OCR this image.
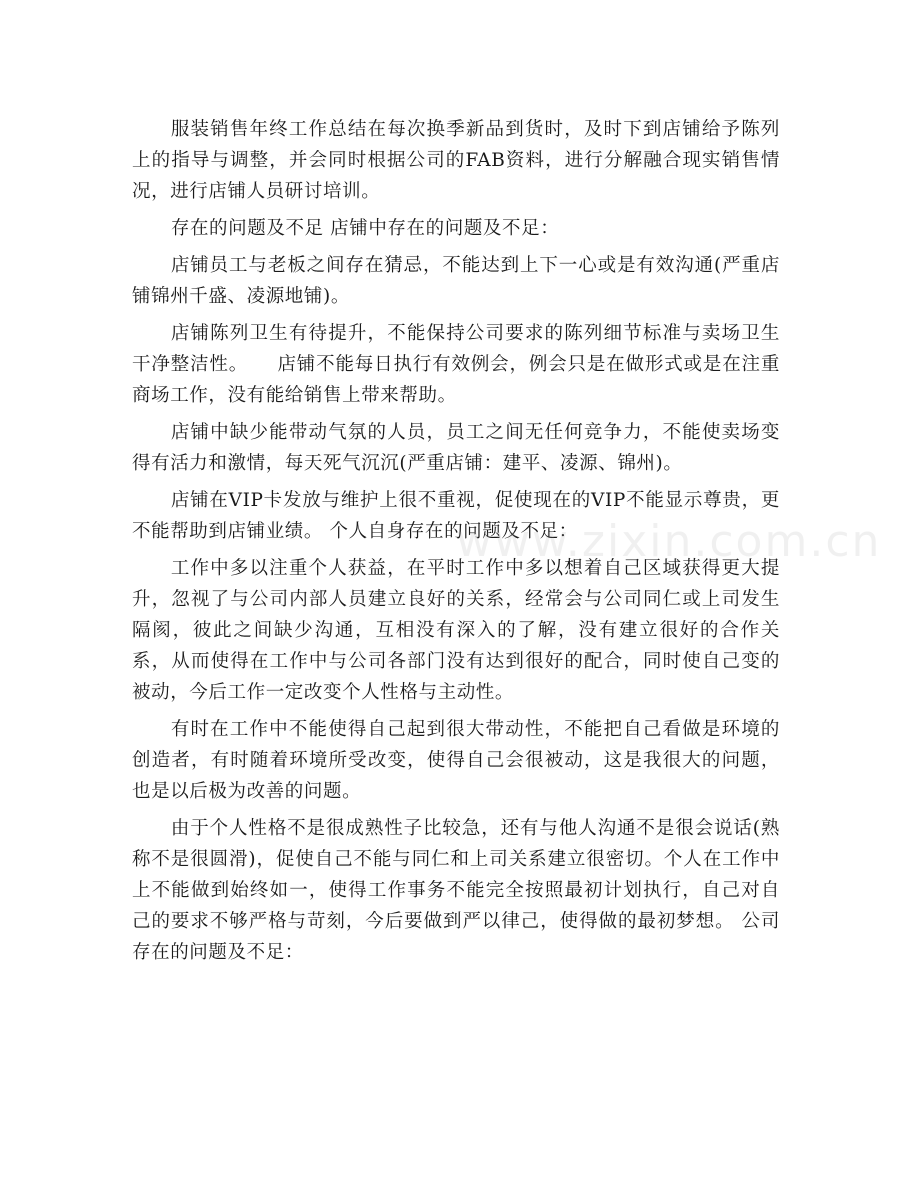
服装销售年终工作总结在每次换季新品到货时，及时下到店铺给予陈列上的指导与调整，并会同时根据公司的FAB资料，进行分解融合现实销售情况，进行店铺人员研讨培训。

存在的问题及不足 店铺中存在的问题及不足：

店铺员工与老板之间存在猜忌，不能达到上下一心或是有效沟通(严重店铺锦州千盛、凌源地铺)。

店铺陈列卫生有待提升，不能保持公司要求的陈列细节标准与卖场卫生干净整洁性。　　店铺不能每日执行有效例会，例会只是在做形式或是在注重商场工作，没有能给销售上带来帮助。

店铺中缺少能带动气氛的人员，员工之间无任何竞争力，不能使卖场变得有活力和激情，每天死气沉沉(严重店铺：建平、凌源、锦州)。

店铺在VIP卡发放与维护上很不重视，促使现在的VIP不能显示尊贵，更不能帮助到店铺业绩。 个人自身存在的问题及不足：

工作中多以注重个人获益，在平时工作中多以想着自己区域获得更大提升，忽视了与公司内部人员建立良好的关系，经常会与公司同仁或上司发生隔阂，彼此之间缺少沟通，互相没有深入的了解，没有建立很好的合作关系，从而使得在工作中与公司各部门没有达到很好的配合，同时使自己变的被动，今后工作一定改变个人性格与主动性。

有时在工作中不能使得自己起到很大带动性，不能把自己看做是环境的创造者，有时随着环境所受改变，使得自己会很被动，这是我很大的问题，也是以后极为改善的问题。

由于个人性格不是很成熟性子比较急，还有与他人沟通不是很会说话(熟称不是很圆滑)，促使自己不能与同仁和上司关系建立很密切。个人在工作中上不能做到始终如一，使得工作事务不能完全按照最初计划执行，自己对自己的要求不够严格与苛刻，今后要做到严以律己，使得做的最初梦想。 公司存在的问题及不足：

www.zixin.com.cn
